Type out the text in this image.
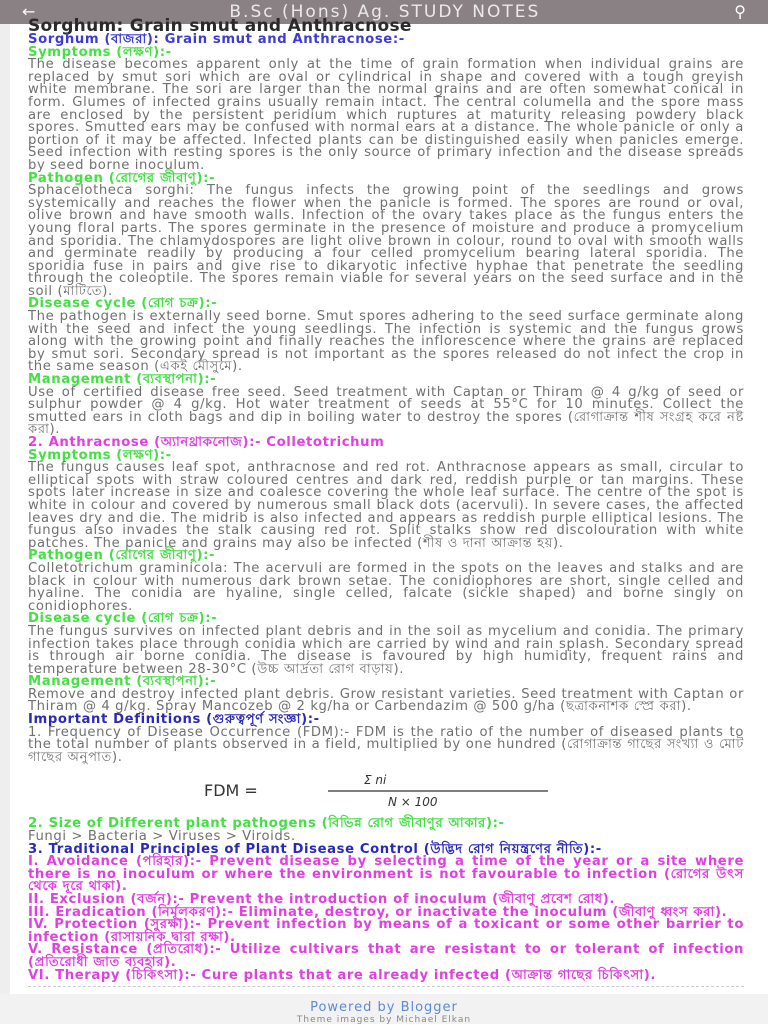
←	B.Sc (Hons) Ag. STUDY NOTES	⚲
Sorghum: Grain smut and Anthracnose

Sorghum (বাজরা): Grain smut and Anthracnose:-

Symptoms (লক্ষণ):-

The disease becomes apparent only at the time of grain formation when individual grains are replaced by smut sori which are oval or cylindrical in shape and covered with a tough greyish white membrane. The sori are larger than the normal grains and are often somewhat conical in form. Glumes of infected grains usually remain intact. The central columella and the spore mass are enclosed by the persistent peridium which ruptures at maturity releasing powdery black spores. Smutted ears may be confused with normal ears at a distance. The whole panicle or only a portion of it may be affected. Infected plants can be distinguished easily when panicles emerge. Seed infection with resting spores is the only source of primary infection and the disease spreads by seed borne inoculum.

Pathogen (রোগের জীবাণু):-

Sphacelotheca sorghi: The fungus infects the growing point of the seedlings and grows systemically and reaches the flower when the panicle is formed. The spores are round or oval, olive brown and have smooth walls. Infection of the ovary takes place as the fungus enters the young floral parts. The spores germinate in the presence of moisture and produce a promycelium and sporidia. The chlamydospores are light olive brown in colour, round to oval with smooth walls and germinate readily by producing a four celled promycelium bearing lateral sporidia. The sporidia fuse in pairs and give rise to dikaryotic infective hyphae that penetrate the seedling through the coleoptile. The spores remain viable for several years on the seed surface and in the soil (মাটিতে).

Disease cycle (রোগ চক্র):-

The pathogen is externally seed borne. Smut spores adhering to the seed surface germinate along with the seed and infect the young seedlings. The infection is systemic and the fungus grows along with the growing point and finally reaches the inflorescence where the grains are replaced by smut sori. Secondary spread is not important as the spores released do not infect the crop in the same season (একই মৌসুমে).

Management (ব্যবস্থাপনা):-

Use of certified disease free seed. Seed treatment with Captan or Thiram @ 4 g/kg of seed or sulphur powder @ 4 g/kg. Hot water treatment of seeds at 55°C for 10 minutes. Collect the smutted ears in cloth bags and dip in boiling water to destroy the spores (রোগাক্রান্ত শীষ সংগ্রহ করে নষ্ট করা).

2. Anthracnose (অ্যানথ্রাকনোজ):- Colletotrichum

Symptoms (লক্ষণ):-

The fungus causes leaf spot, anthracnose and red rot. Anthracnose appears as small, circular to elliptical spots with straw coloured centres and dark red, reddish purple or tan margins. These spots later increase in size and coalesce covering the whole leaf surface. The centre of the spot is white in colour and covered by numerous small black dots (acervuli). In severe cases, the affected leaves dry and die. The midrib is also infected and appears as reddish purple elliptical lesions. The fungus also invades the stalk causing red rot. Split stalks show red discolouration with white patches. The panicle and grains may also be infected (শীষ ও দানা আক্রান্ত হয়).

Pathogen (রোগের জীবাণু):-

Colletotrichum graminicola: The acervuli are formed in the spots on the leaves and stalks and are black in colour with numerous dark brown setae. The conidiophores are short, single celled and hyaline. The conidia are hyaline, single celled, falcate (sickle shaped) and borne singly on conidiophores.

Disease cycle (রোগ চক্র):-

The fungus survives on infected plant debris and in the soil as mycelium and conidia. The primary infection takes place through conidia which are carried by wind and rain splash. Secondary spread is through air borne conidia. The disease is favoured by high humidity, frequent rains and temperature between 28-30°C (উচ্চ আর্দ্রতা রোগ বাড়ায়).

Management (ব্যবস্থাপনা):-

Remove and destroy infected plant debris. Grow resistant varieties. Seed treatment with Captan or Thiram @ 4 g/kg. Spray Mancozeb @ 2 kg/ha or Carbendazim @ 500 g/ha (ছত্রাকনাশক স্প্রে করা).

Important Definitions (গুরুত্বপূর্ণ সংজ্ঞা):-

1. Frequency of Disease Occurrence (FDM):- FDM is the ratio of the number of diseased plants to the total number of plants observed in a field, multiplied by one hundred (রোগাক্রান্ত গাছের সংখ্যা ও মোট গাছের অনুপাত).

FDM =
Σ ni
N × 100

2. Size of Different plant pathogens (বিভিন্ন রোগ জীবাণুর আকার):-

Fungi > Bacteria > Viruses > Viroids.

3. Traditional Principles of Plant Disease Control (উদ্ভিদ রোগ নিয়ন্ত্রণের নীতি):-

I. Avoidance (পরিহার):- Prevent disease by selecting a time of the year or a site where there is no inoculum or where the environment is not favourable to infection (রোগের উৎস থেকে দূরে থাকা).

II. Exclusion (বর্জন):- Prevent the introduction of inoculum (জীবাণু প্রবেশ রোধ).

III. Eradication (নির্মূলকরণ):- Eliminate, destroy, or inactivate the inoculum (জীবাণু ধ্বংস করা).

IV. Protection (সুরক্ষা):- Prevent infection by means of a toxicant or some other barrier to infection (রাসায়নিক দ্বারা রক্ষা).

V. Resistance (প্রতিরোধ):- Utilize cultivars that are resistant to or tolerant of infection (প্রতিরোধী জাত ব্যবহার).

VI. Therapy (চিকিৎসা):- Cure plants that are already infected (আক্রান্ত গাছের চিকিৎসা).

Powered by Blogger
Theme images by Michael Elkan
